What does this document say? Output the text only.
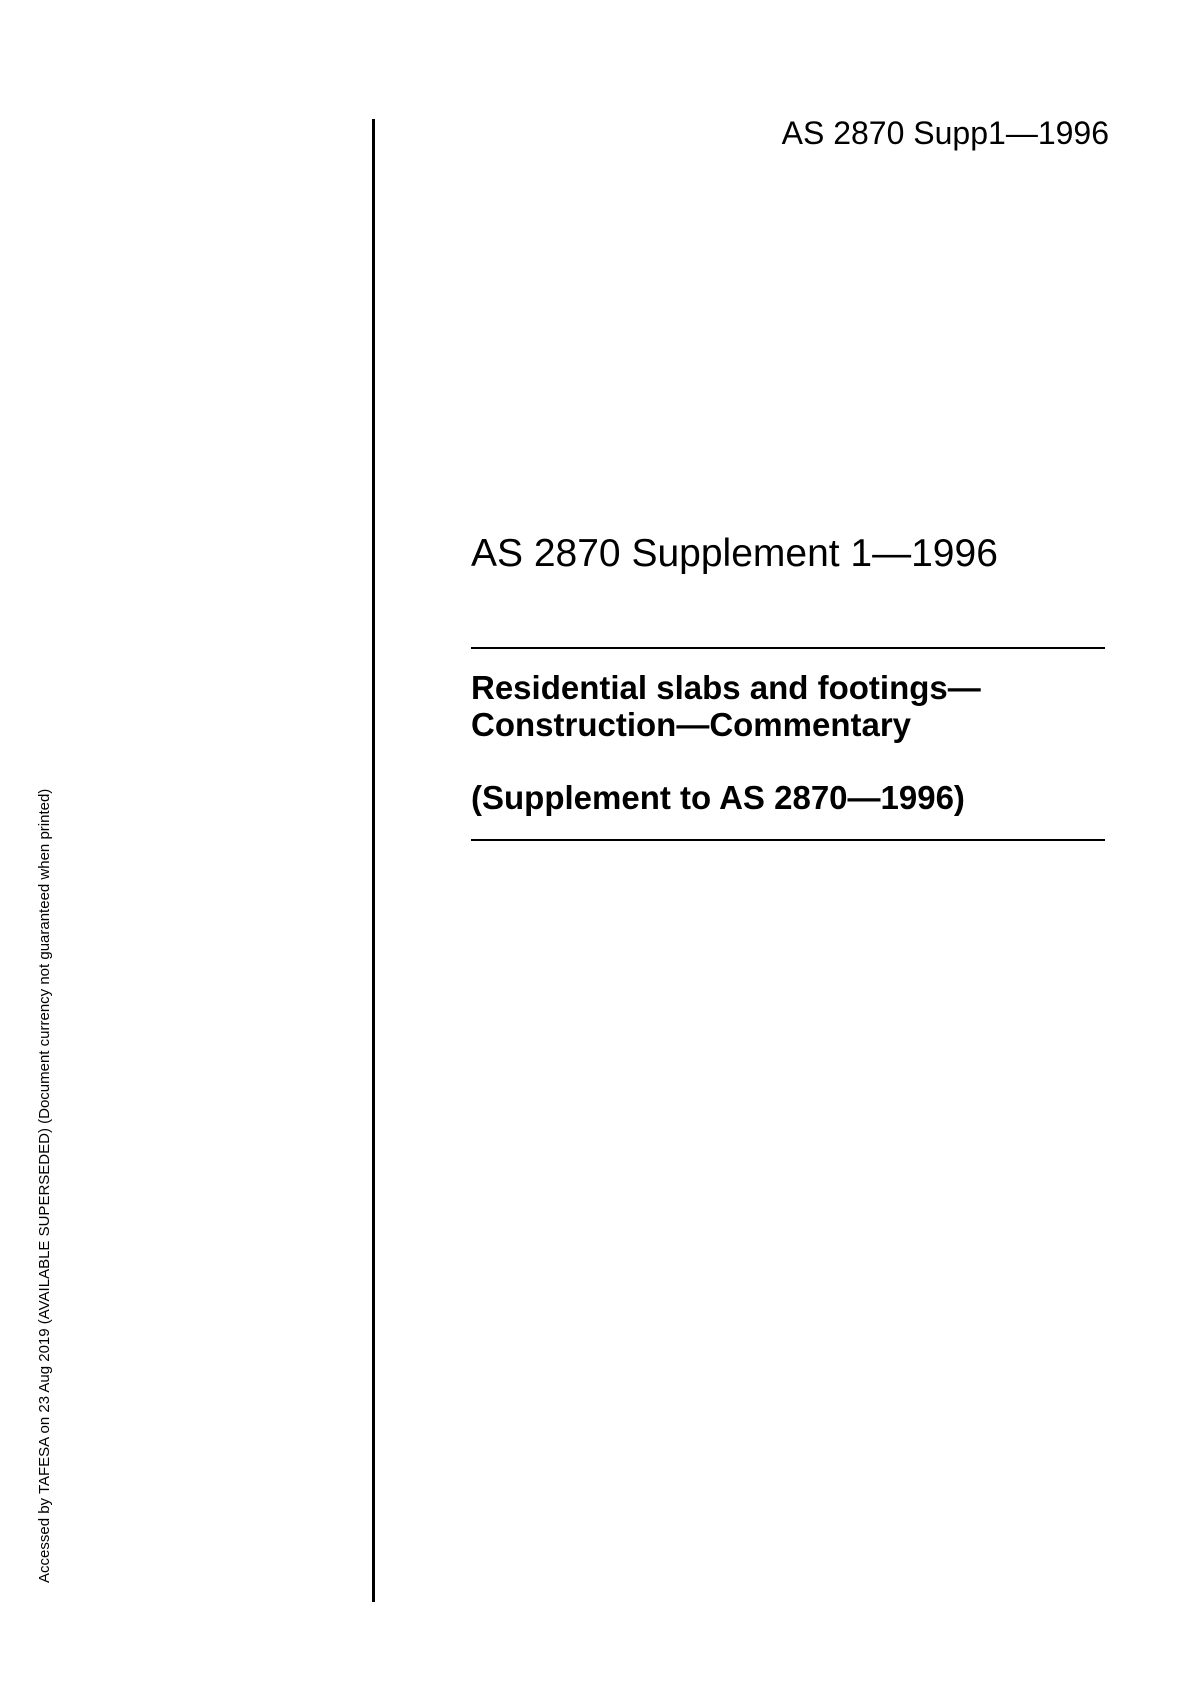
AS 2870 Supp1—1996
Accessed by TAFESA on 23 Aug 2019 (AVAILABLE SUPERSEDED) (Document currency not guaranteed when printed)
AS 2870 Supplement 1—1996
Residential slabs and footings—
Construction—Commentary
(Supplement to AS 2870—1996)
